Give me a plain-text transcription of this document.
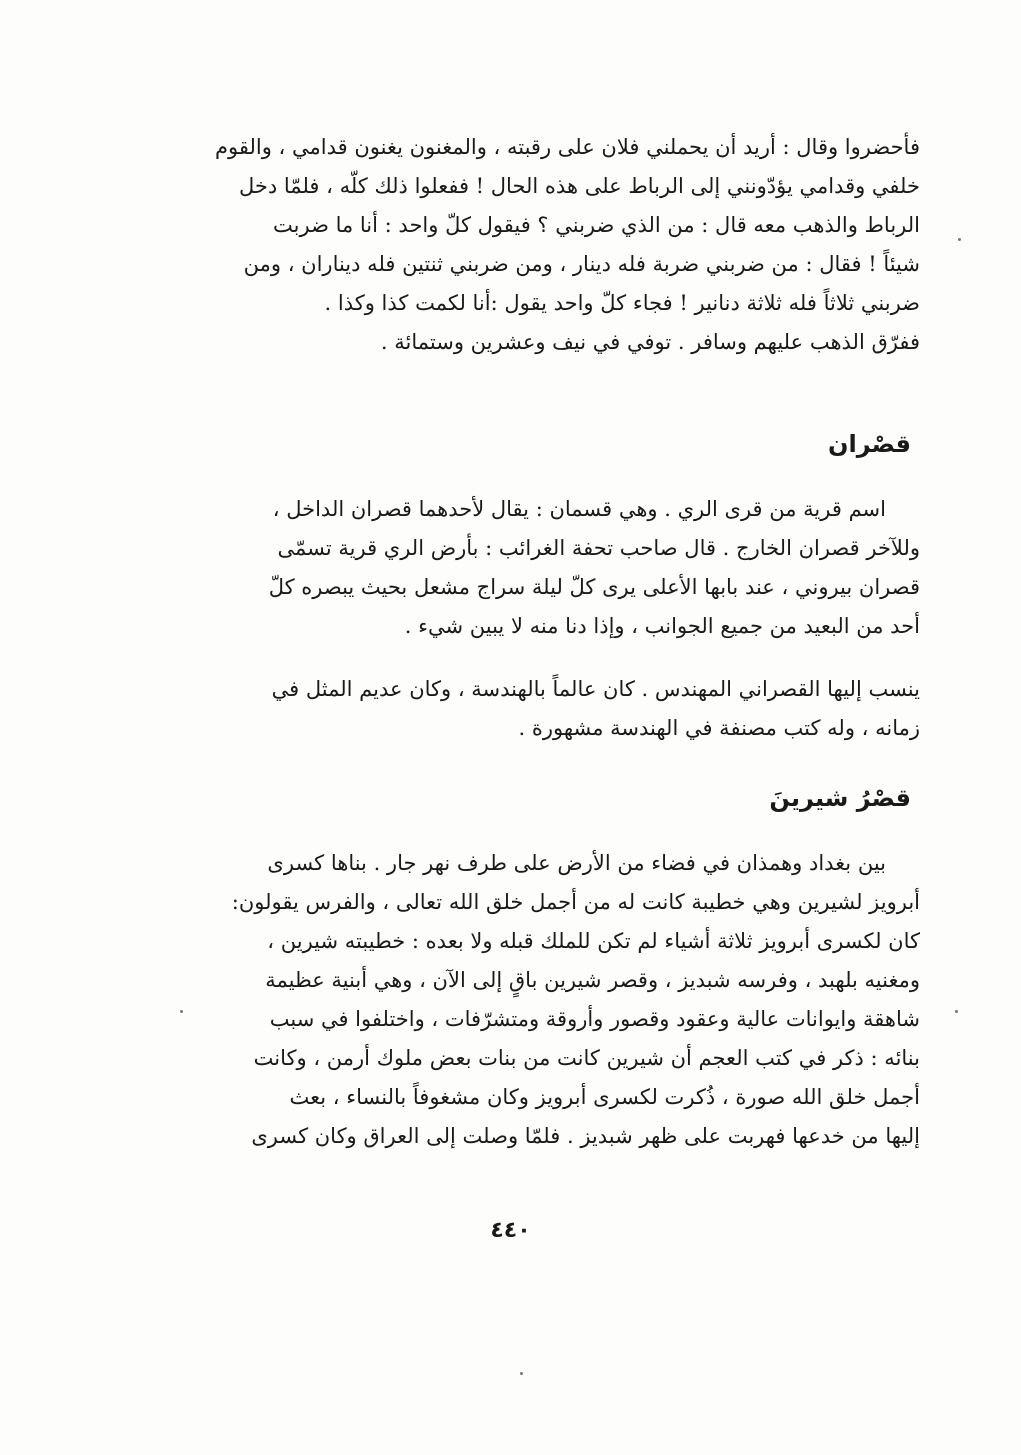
فأحضروا وقال : أريد أن يحملني فلان على رقبته ، والمغنون يغنون قدامي ، والقوم
خلفي وقدامي يؤدّونني إلى الرباط على هذه الحال ! ففعلوا ذلك كلّه ، فلمّا دخل
الرباط والذهب معه قال : من الذي ضربني ؟ فيقول كلّ واحد : أنا ما ضربت
شيئاً ! فقال : من ضربني ضربة فله دينار ، ومن ضربني ثنتين فله ديناران ، ومن
ضربني ثلاثاً فله ثلاثة دنانير ! فجاء كلّ واحد يقول :أنا لكمت كذا وكذا .
ففرّق الذهب عليهم وسافر . توفي في نيف وعشرين وستمائة .
قصْران
اسم قرية من قرى الري . وهي قسمان : يقال لأحدهما قصران الداخل ،
وللآخر قصران الخارج . قال صاحب تحفة الغرائب : بأرض الري قرية تسمّى
قصران بيروني ، عند بابها الأعلى يرى كلّ ليلة سراج مشعل بحيث يبصره كلّ
أحد من البعيد من جميع الجوانب ، وإذا دنا منه لا يبين شيء .
ينسب إليها القصراني المهندس . كان عالماً بالهندسة ، وكان عديم المثل في
زمانه ، وله كتب مصنفة في الهندسة مشهورة .
قصْرُ شيرينَ
بين بغداد وهمذان في فضاء من الأرض على طرف نهر جار . بناها كسرى
أبرويز لشيرين وهي خطيبة كانت له من أجمل خلق الله تعالى ، والفرس يقولون:
كان لكسرى أبرويز ثلاثة أشياء لم تكن للملك قبله ولا بعده : خطيبته شيرين ،
ومغنيه بلهبد ، وفرسه شبديز ، وقصر شيرين باقٍ إلى الآن ، وهي أبنية عظيمة
شاهقة وايوانات عالية وعقود وقصور وأروقة ومتشرّفات ، واختلفوا في سبب
بنائه : ذكر في كتب العجم أن شيرين كانت من بنات بعض ملوك أرمن ، وكانت
أجمل خلق الله صورة ، ذُكرت لكسرى أبرويز وكان مشغوفاً بالنساء ، بعث
إليها من خدعها فهربت على ظهر شبديز . فلمّا وصلت إلى العراق وكان كسرى
٤٤٠
